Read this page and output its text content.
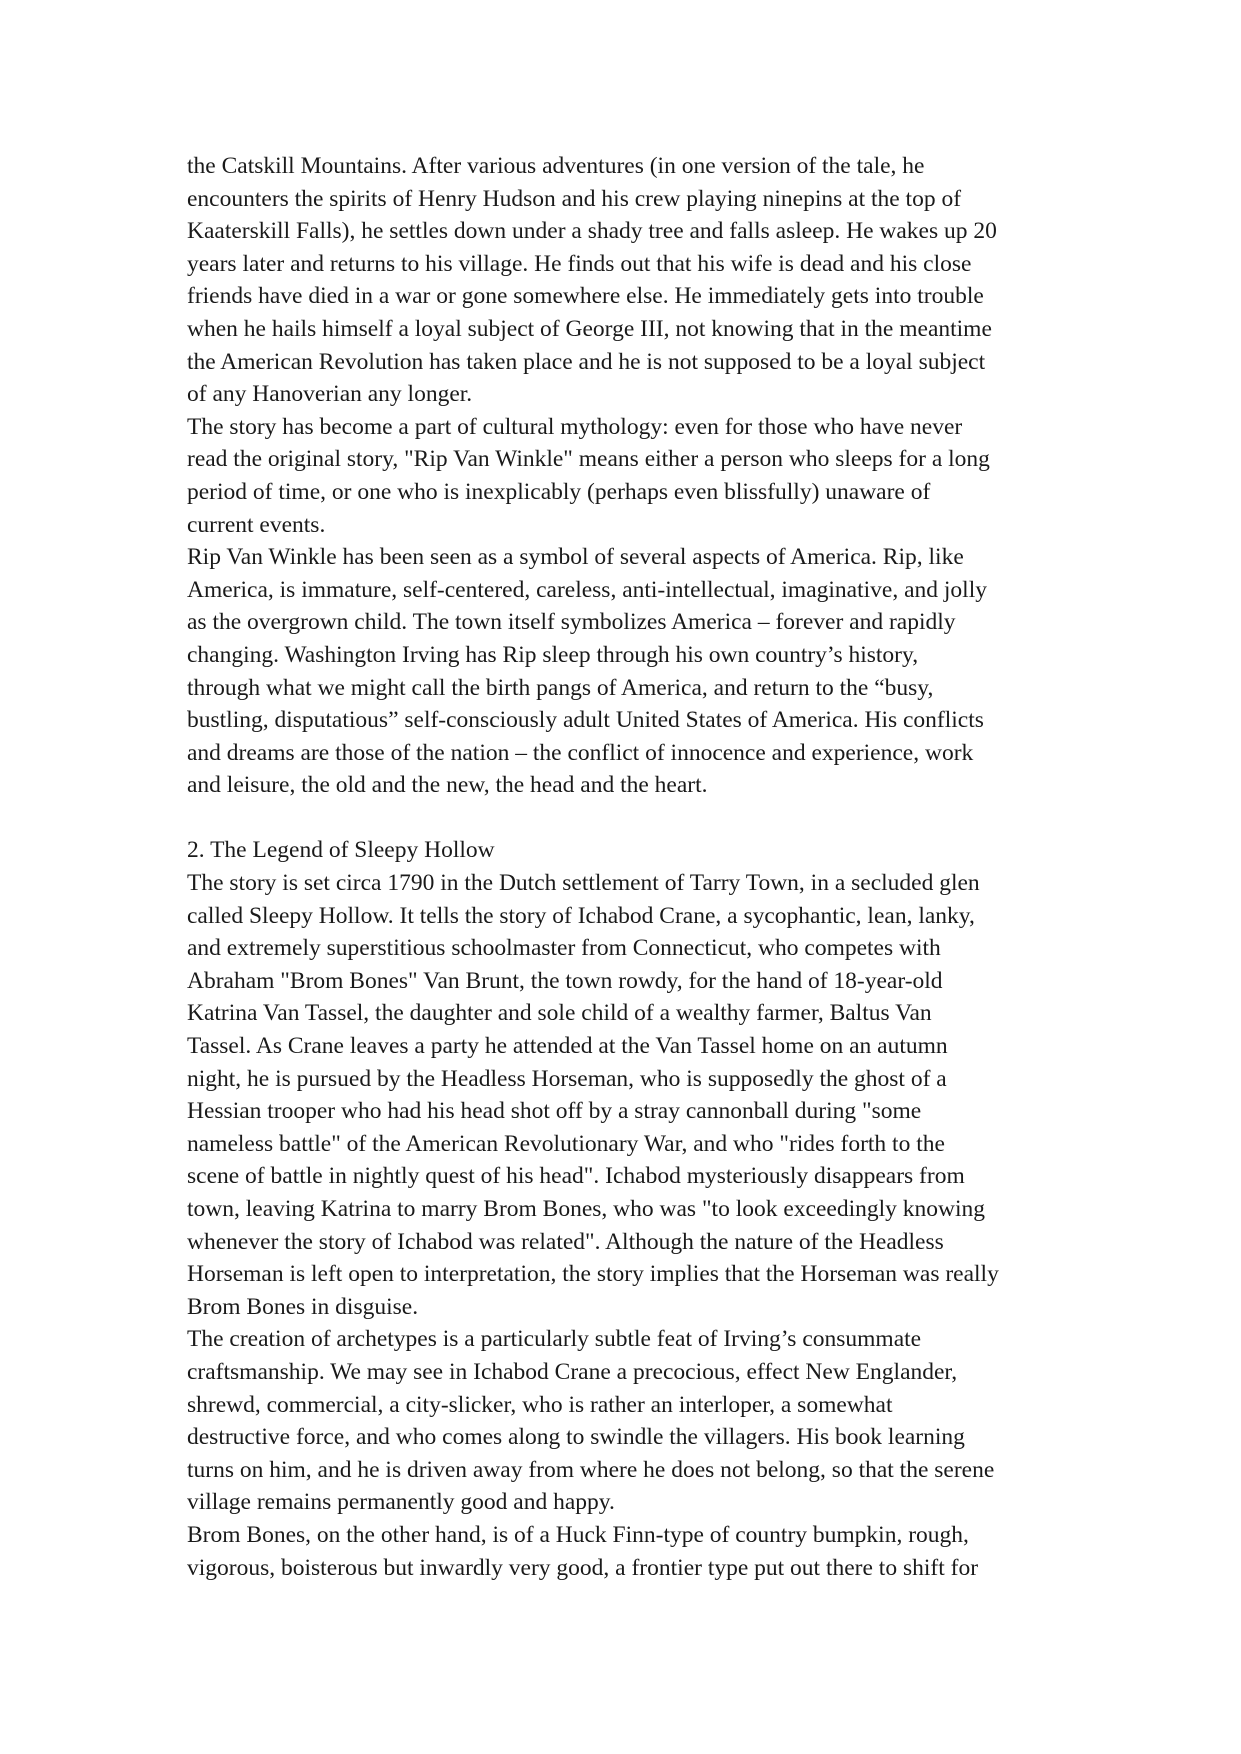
the Catskill Mountains. After various adventures (in one version of the tale, he
encounters the spirits of Henry Hudson and his crew playing ninepins at the top of
Kaaterskill Falls), he settles down under a shady tree and falls asleep. He wakes up 20
years later and returns to his village. He finds out that his wife is dead and his close
friends have died in a war or gone somewhere else. He immediately gets into trouble
when he hails himself a loyal subject of George III, not knowing that in the meantime
the American Revolution has taken place and he is not supposed to be a loyal subject
of any Hanoverian any longer.
The story has become a part of cultural mythology: even for those who have never
read the original story, "Rip Van Winkle" means either a person who sleeps for a long
period of time, or one who is inexplicably (perhaps even blissfully) unaware of
current events.
Rip Van Winkle has been seen as a symbol of several aspects of America. Rip, like
America, is immature, self-centered, careless, anti-intellectual, imaginative, and jolly
as the overgrown child. The town itself symbolizes America – forever and rapidly
changing. Washington Irving has Rip sleep through his own country’s history,
through what we might call the birth pangs of America, and return to the “busy,
bustling, disputatious” self-consciously adult United States of America. His conflicts
and dreams are those of the nation – the conflict of innocence and experience, work
and leisure, the old and the new, the head and the heart.
2. The Legend of Sleepy Hollow
The story is set circa 1790 in the Dutch settlement of Tarry Town, in a secluded glen
called Sleepy Hollow. It tells the story of Ichabod Crane, a sycophantic, lean, lanky,
and extremely superstitious schoolmaster from Connecticut, who competes with
Abraham "Brom Bones" Van Brunt, the town rowdy, for the hand of 18-year-old
Katrina Van Tassel, the daughter and sole child of a wealthy farmer, Baltus Van
Tassel. As Crane leaves a party he attended at the Van Tassel home on an autumn
night, he is pursued by the Headless Horseman, who is supposedly the ghost of a
Hessian trooper who had his head shot off by a stray cannonball during "some
nameless battle" of the American Revolutionary War, and who "rides forth to the
scene of battle in nightly quest of his head". Ichabod mysteriously disappears from
town, leaving Katrina to marry Brom Bones, who was "to look exceedingly knowing
whenever the story of Ichabod was related". Although the nature of the Headless
Horseman is left open to interpretation, the story implies that the Horseman was really
Brom Bones in disguise.
The creation of archetypes is a particularly subtle feat of Irving’s consummate
craftsmanship. We may see in Ichabod Crane a precocious, effect New Englander,
shrewd, commercial, a city-slicker, who is rather an interloper, a somewhat
destructive force, and who comes along to swindle the villagers. His book learning
turns on him, and he is driven away from where he does not belong, so that the serene
village remains permanently good and happy.
Brom Bones, on the other hand, is of a Huck Finn-type of country bumpkin, rough,
vigorous, boisterous but inwardly very good, a frontier type put out there to shift for
